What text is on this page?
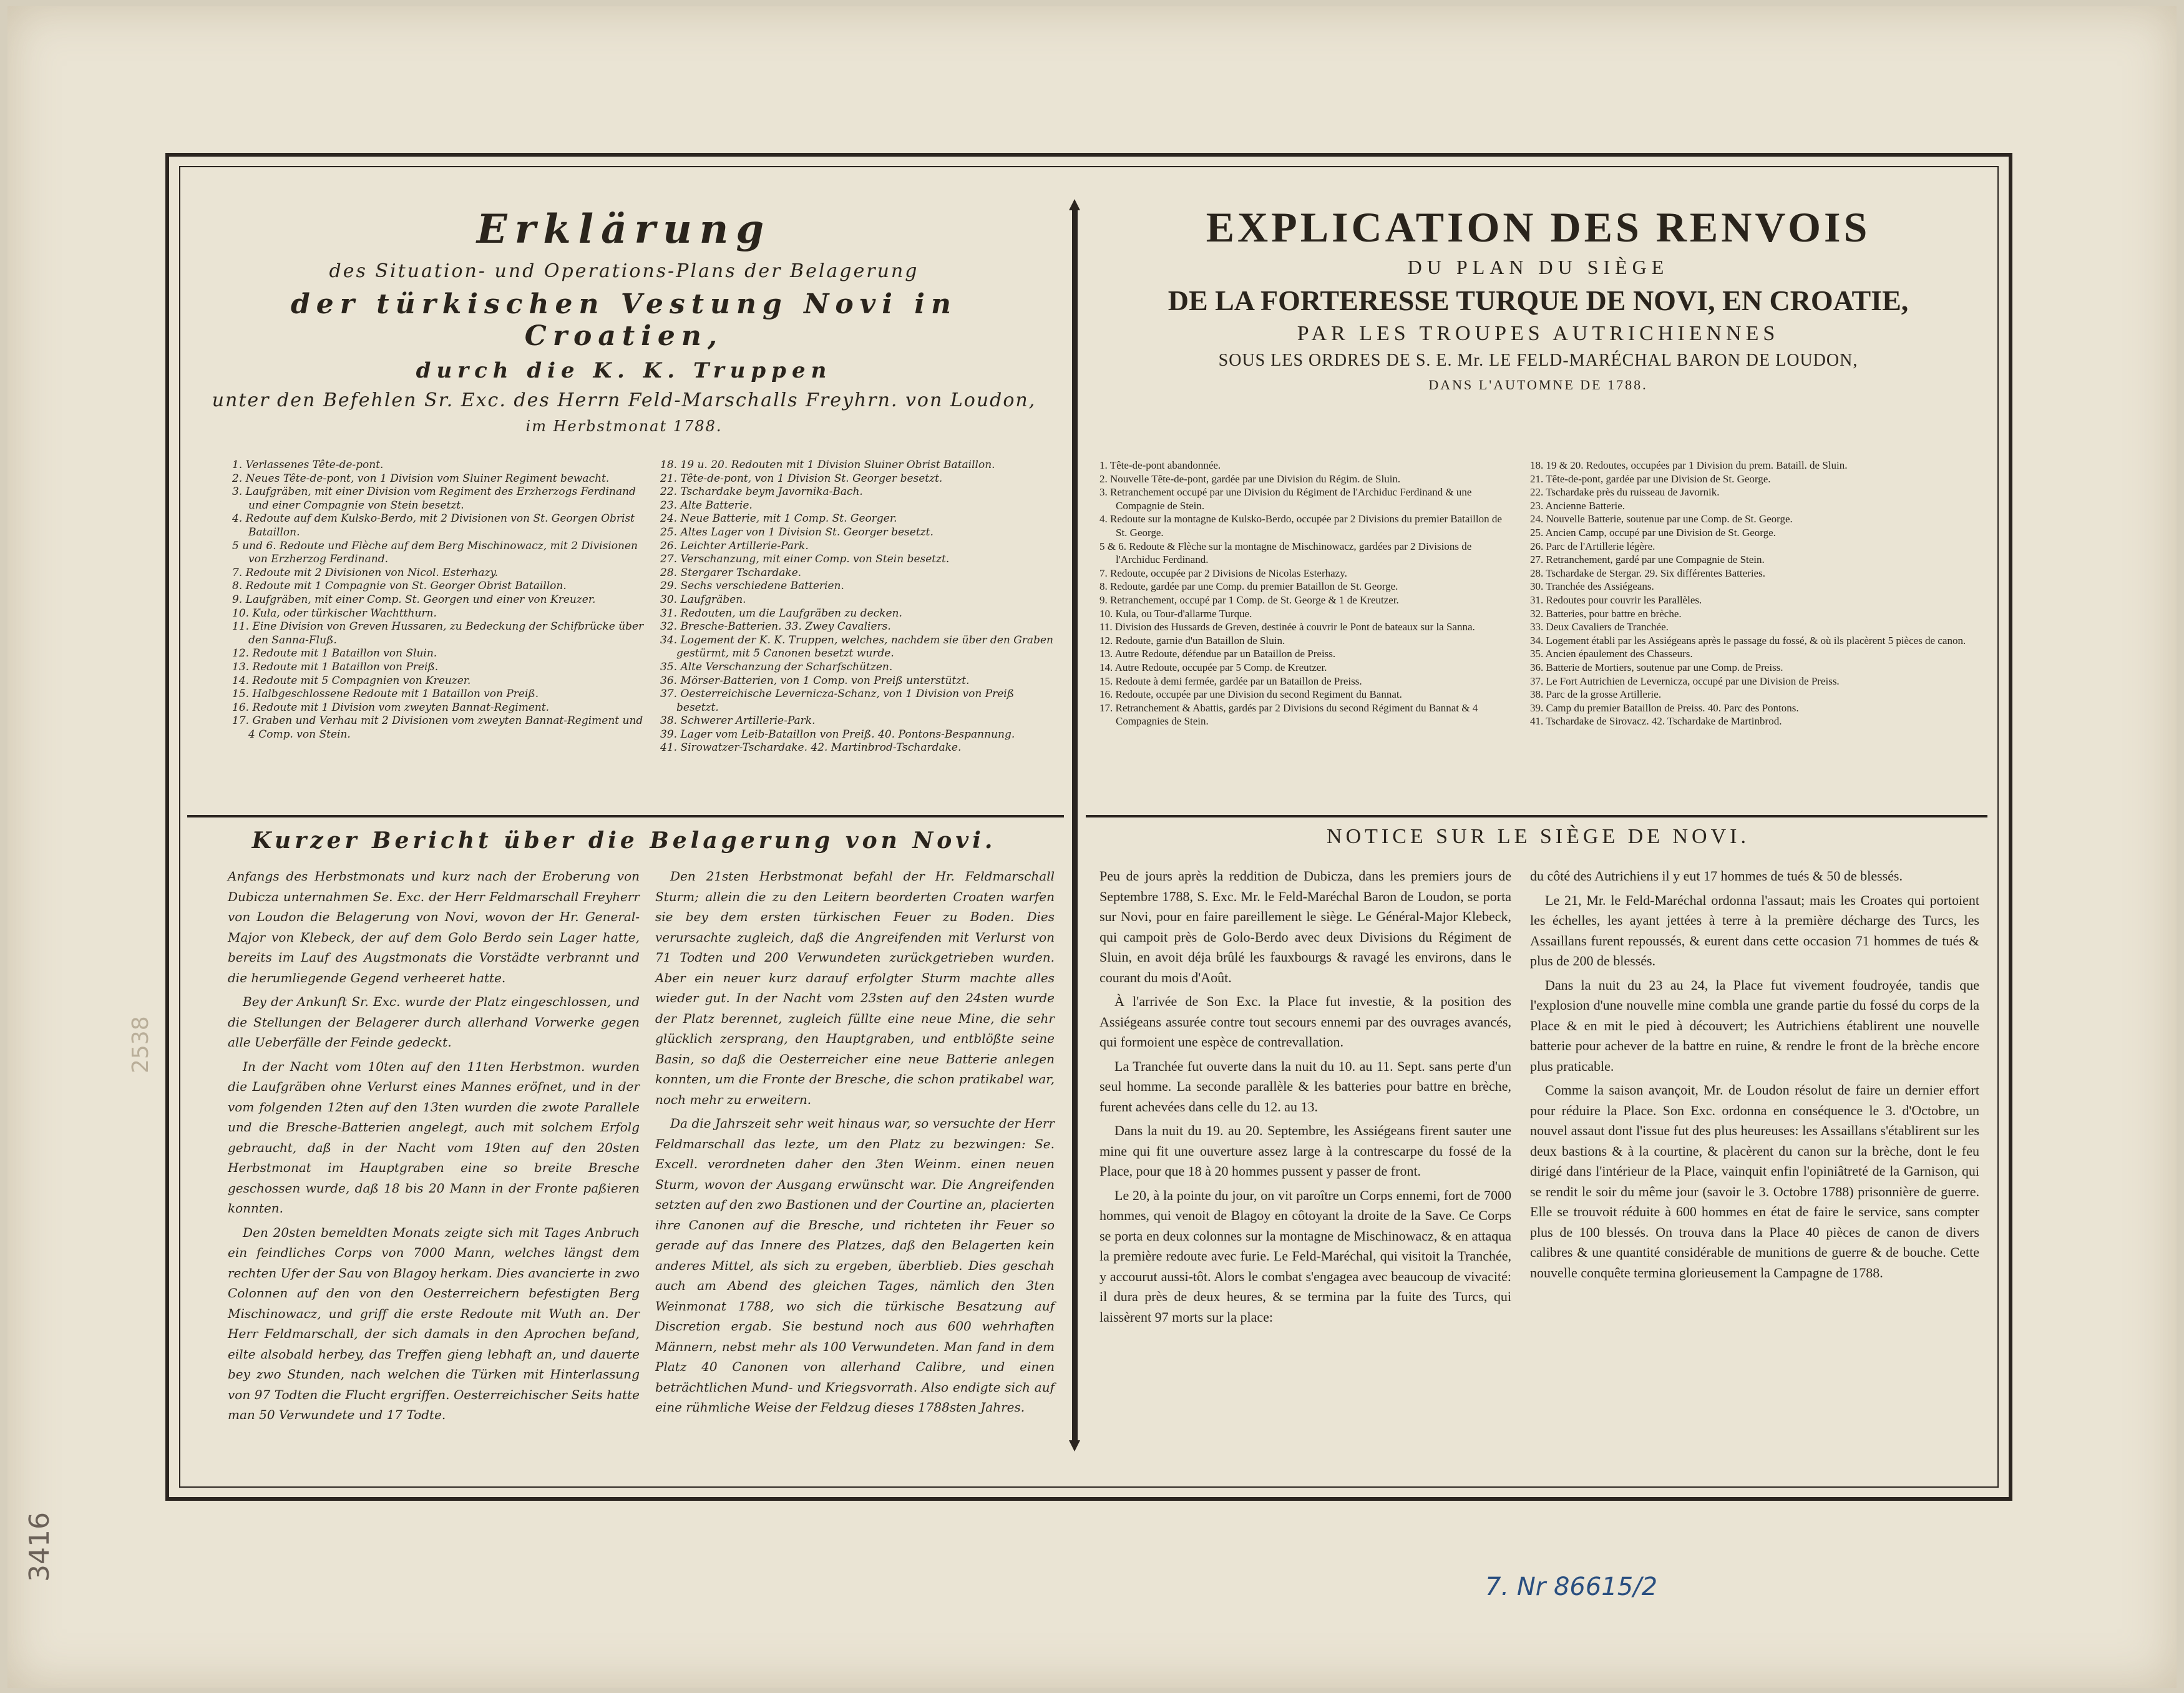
Erklärung
des Situation- und Operations-Plans der Belagerung
der türkischen Vestung Novi in Croatien,
durch die K. K. Truppen
unter den Befehlen Sr. Exc. des Herrn Feld-Marschalls Freyhrn. von Loudon,
im Herbstmonat 1788.
EXPLICATION DES RENVOIS
DU PLAN DU SIÈGE
DE LA FORTERESSE TURQUE DE NOVI, EN CROATIE,
PAR LES TROUPES AUTRICHIENNES
SOUS LES ORDRES DE S. E. Mr. LE FELD-MARÉCHAL BARON DE LOUDON,
DANS L'AUTOMNE DE 1788.
1. Verlassenes Tête-de-pont.
2. Neues Tête-de-pont, von 1 Division vom Sluiner Regiment bewacht.
3. Laufgräben, mit einer Division vom Regiment des Erzherzogs Ferdinand und einer Compagnie von Stein besetzt.
4. Redoute auf dem Kulsko-Berdo, mit 2 Divisionen von St. Georgen Obrist Bataillon.
5 und 6. Redoute und Flèche auf dem Berg Mischinowacz, mit 2 Divisionen von Erzherzog Ferdinand.
7. Redoute mit 2 Divisionen von Nicol. Esterhazy.
8. Redoute mit 1 Compagnie von St. Georger Obrist Bataillon.
9. Laufgräben, mit einer Comp. St. Georgen und einer von Kreuzer.
10. Kula, oder türkischer Wachtthurn.
11. Eine Division von Greven Hussaren, zu Bedeckung der Schifbrücke über den Sanna-Fluß.
12. Redoute mit 1 Bataillon von Sluin.
13. Redoute mit 1 Bataillon von Preiß.
14. Redoute mit 5 Compagnien von Kreuzer.
15. Halbgeschlossene Redoute mit 1 Bataillon von Preiß.
16. Redoute mit 1 Division vom zweyten Bannat-Regiment.
17. Graben und Verhau mit 2 Divisionen vom zweyten Bannat-Regiment und 4 Comp. von Stein.
18. 19 u. 20. Redouten mit 1 Division Sluiner Obrist Bataillon.
21. Tête-de-pont, von 1 Division St. Georger besetzt.
22. Tschardake beym Javornika-Bach.
23. Alte Batterie.
24. Neue Batterie, mit 1 Comp. St. Georger.
25. Altes Lager von 1 Division St. Georger besetzt.
26. Leichter Artillerie-Park.
27. Verschanzung, mit einer Comp. von Stein besetzt.
28. Stergarer Tschardake.
29. Sechs verschiedene Batterien.
30. Laufgräben.
31. Redouten, um die Laufgräben zu decken.
32. Bresche-Batterien. 33. Zwey Cavaliers.
34. Logement der K. K. Truppen, welches, nachdem sie über den Graben gestürmt, mit 5 Canonen besetzt wurde.
35. Alte Verschanzung der Scharfschützen.
36. Mörser-Batterien, von 1 Comp. von Preiß unterstützt.
37. Oesterreichische Levernicza-Schanz, von 1 Division von Preiß besetzt.
38. Schwerer Artillerie-Park.
39. Lager vom Leib-Bataillon von Preiß. 40. Pontons-Bespannung.
41. Sirowatzer-Tschardake. 42. Martinbrod-Tschardake.
1. Tête-de-pont abandonnée.
2. Nouvelle Tête-de-pont, gardée par une Division du Régim. de Sluin.
3. Retranchement occupé par une Division du Régiment de l'Archiduc Ferdinand & une Compagnie de Stein.
4. Redoute sur la montagne de Kulsko-Berdo, occupée par 2 Divisions du premier Bataillon de St. George.
5 & 6. Redoute & Flèche sur la montagne de Mischinowacz, gardées par 2 Divisions de l'Archiduc Ferdinand.
7. Redoute, occupée par 2 Divisions de Nicolas Esterhazy.
8. Redoute, gardée par une Comp. du premier Bataillon de St. George.
9. Retranchement, occupé par 1 Comp. de St. George & 1 de Kreutzer.
10. Kula, ou Tour-d'allarme Turque.
11. Division des Hussards de Greven, destinée à couvrir le Pont de bateaux sur la Sanna.
12. Redoute, garnie d'un Bataillon de Sluin.
13. Autre Redoute, défendue par un Bataillon de Preiss.
14. Autre Redoute, occupée par 5 Comp. de Kreutzer.
15. Redoute à demi fermée, gardée par un Bataillon de Preiss.
16. Redoute, occupée par une Division du second Regiment du Bannat.
17. Retranchement & Abattis, gardés par 2 Divisions du second Régiment du Bannat & 4 Compagnies de Stein.
18. 19 & 20. Redoutes, occupées par 1 Division du prem. Bataill. de Sluin.
21. Tête-de-pont, gardée par une Division de St. George.
22. Tschardake près du ruisseau de Javornik.
23. Ancienne Batterie.
24. Nouvelle Batterie, soutenue par une Comp. de St. George.
25. Ancien Camp, occupé par une Division de St. George.
26. Parc de l'Artillerie légère.
27. Retranchement, gardé par une Compagnie de Stein.
28. Tschardake de Stergar. 29. Six différentes Batteries.
30. Tranchée des Assiégeans.
31. Redoutes pour couvrir les Parallèles.
32. Batteries, pour battre en brèche.
33. Deux Cavaliers de Tranchée.
34. Logement établi par les Assiégeans après le passage du fossé, & où ils placèrent 5 pièces de canon.
35. Ancien épaulement des Chasseurs.
36. Batterie de Mortiers, soutenue par une Comp. de Preiss.
37. Le Fort Autrichien de Levernicza, occupé par une Division de Preiss.
38. Parc de la grosse Artillerie.
39. Camp du premier Bataillon de Preiss. 40. Parc des Pontons.
41. Tschardake de Sirovacz. 42. Tschardake de Martinbrod.
Kurzer Bericht über die Belagerung von Novi.	NOTICE SUR LE SIÈGE DE NOVI.

Anfangs des Herbstmonats und kurz nach der Eroberung von Dubicza unternahmen Se. Exc. der Herr Feldmarschall Freyherr von Loudon die Belagerung von Novi, wovon der Hr. General-Major von Klebeck, der auf dem Golo Berdo sein Lager hatte, bereits im Lauf des Augstmonats die Vorstädte verbrannt und die herumliegende Gegend verheeret hatte.

Bey der Ankunft Sr. Exc. wurde der Platz eingeschlossen, und die Stellungen der Belagerer durch allerhand Vorwerke gegen alle Ueberfälle der Feinde gedeckt.

In der Nacht vom 10ten auf den 11ten Herbstmon. wurden die Laufgräben ohne Verlurst eines Mannes eröfnet, und in der vom folgenden 12ten auf den 13ten wurden die zwote Parallele und die Bresche-Batterien angelegt, auch mit solchem Erfolg gebraucht, daß in der Nacht vom 19ten auf den 20sten Herbstmonat im Hauptgraben eine so breite Bresche geschossen wurde, daß 18 bis 20 Mann in der Fronte paßieren konnten.

Den 20sten bemeldten Monats zeigte sich mit Tages Anbruch ein feindliches Corps von 7000 Mann, welches längst dem rechten Ufer der Sau von Blagoy herkam. Dies avancierte in zwo Colonnen auf den von den Oesterreichern befestigten Berg Mischinowacz, und griff die erste Redoute mit Wuth an. Der Herr Feldmarschall, der sich damals in den Aprochen befand, eilte alsobald herbey, das Treffen gieng lebhaft an, und dauerte bey zwo Stunden, nach welchen die Türken mit Hinterlassung von 97 Todten die Flucht ergriffen. Oesterreichischer Seits hatte man 50 Verwundete und 17 Todte.

Den 21sten Herbstmonat befahl der Hr. Feldmarschall Sturm; allein die zu den Leitern beorderten Croaten warfen sie bey dem ersten türkischen Feuer zu Boden. Dies verursachte zugleich, daß die Angreifenden mit Verlurst von 71 Todten und 200 Verwundeten zurückgetrieben wurden. Aber ein neuer kurz darauf erfolgter Sturm machte alles wieder gut. In der Nacht vom 23sten auf den 24sten wurde der Platz berennet, zugleich füllte eine neue Mine, die sehr glücklich zersprang, den Hauptgraben, und entblößte seine Basin, so daß die Oesterreicher eine neue Batterie anlegen konnten, um die Fronte der Bresche, die schon pratikabel war, noch mehr zu erweitern.

Da die Jahrszeit sehr weit hinaus war, so versuchte der Herr Feldmarschall das lezte, um den Platz zu bezwingen: Se. Excell. verordneten daher den 3ten Weinm. einen neuen Sturm, wovon der Ausgang erwünscht war. Die Angreifenden setzten auf den zwo Bastionen und der Courtine an, placierten ihre Canonen auf die Bresche, und richteten ihr Feuer so gerade auf das Innere des Platzes, daß den Belagerten kein anderes Mittel, als sich zu ergeben, überblieb. Dies geschah auch am Abend des gleichen Tages, nämlich den 3ten Weinmonat 1788, wo sich die türkische Besatzung auf Discretion ergab. Sie bestund noch aus 600 wehrhaften Männern, nebst mehr als 100 Verwundeten. Man fand in dem Platz 40 Canonen von allerhand Calibre, und einen beträchtlichen Mund- und Kriegsvorrath. Also endigte sich auf eine rühmliche Weise der Feldzug dieses 1788sten Jahres.

Peu de jours après la reddition de Dubicza, dans les premiers jours de Septembre 1788, S. Exc. Mr. le Feld-Maréchal Baron de Loudon, se porta sur Novi, pour en faire pareillement le siège. Le Général-Major Klebeck, qui campoit près de Golo-Berdo avec deux Divisions du Régiment de Sluin, en avoit déja brûlé les fauxbourgs & ravagé les environs, dans le courant du mois d'Août.

À l'arrivée de Son Exc. la Place fut investie, & la position des Assiégeans assurée contre tout secours ennemi par des ouvrages avancés, qui formoient une espèce de contrevallation.

La Tranchée fut ouverte dans la nuit du 10. au 11. Sept. sans perte d'un seul homme. La seconde parallèle & les batteries pour battre en brèche, furent achevées dans celle du 12. au 13.

Dans la nuit du 19. au 20. Septembre, les Assiégeans firent sauter une mine qui fit une ouverture assez large à la contrescarpe du fossé de la Place, pour que 18 à 20 hommes pussent y passer de front.

Le 20, à la pointe du jour, on vit paroître un Corps ennemi, fort de 7000 hommes, qui venoit de Blagoy en côtoyant la droite de la Save. Ce Corps se porta en deux colonnes sur la montagne de Mischinowacz, & en attaqua la première redoute avec furie. Le Feld-Maréchal, qui visitoit la Tranchée, y accourut aussi-tôt. Alors le combat s'engagea avec beaucoup de vivacité: il dura près de deux heures, & se termina par la fuite des Turcs, qui laissèrent 97 morts sur la place:

du côté des Autrichiens il y eut 17 hommes de tués & 50 de blessés.

Le 21, Mr. le Feld-Maréchal ordonna l'assaut; mais les Croates qui portoient les échelles, les ayant jettées à terre à la première décharge des Turcs, les Assaillans furent repoussés, & eurent dans cette occasion 71 hommes de tués & plus de 200 de blessés.

Dans la nuit du 23 au 24, la Place fut vivement foudroyée, tandis que l'explosion d'une nouvelle mine combla une grande partie du fossé du corps de la Place & en mit le pied à découvert; les Autrichiens établirent une nouvelle batterie pour achever de la battre en ruine, & rendre le front de la brèche encore plus praticable.

Comme la saison avançoit, Mr. de Loudon résolut de faire un dernier effort pour réduire la Place. Son Exc. ordonna en conséquence le 3. d'Octobre, un nouvel assaut dont l'issue fut des plus heureuses: les Assaillans s'établirent sur les deux bastions & à la courtine, & placèrent du canon sur la brèche, dont le feu dirigé dans l'intérieur de la Place, vainquit enfin l'opiniâtreté de la Garnison, qui se rendit le soir du même jour (savoir le 3. Octobre 1788) prisonnière de guerre. Elle se trouvoit réduite à 600 hommes en état de faire le service, sans compter plus de 100 blessés. On trouva dans la Place 40 pièces de canon de divers calibres & une quantité considérable de munitions de guerre & de bouche. Cette nouvelle conquête termina glorieusement la Campagne de 1788.

3416
7. Nr 86615/2
2538
